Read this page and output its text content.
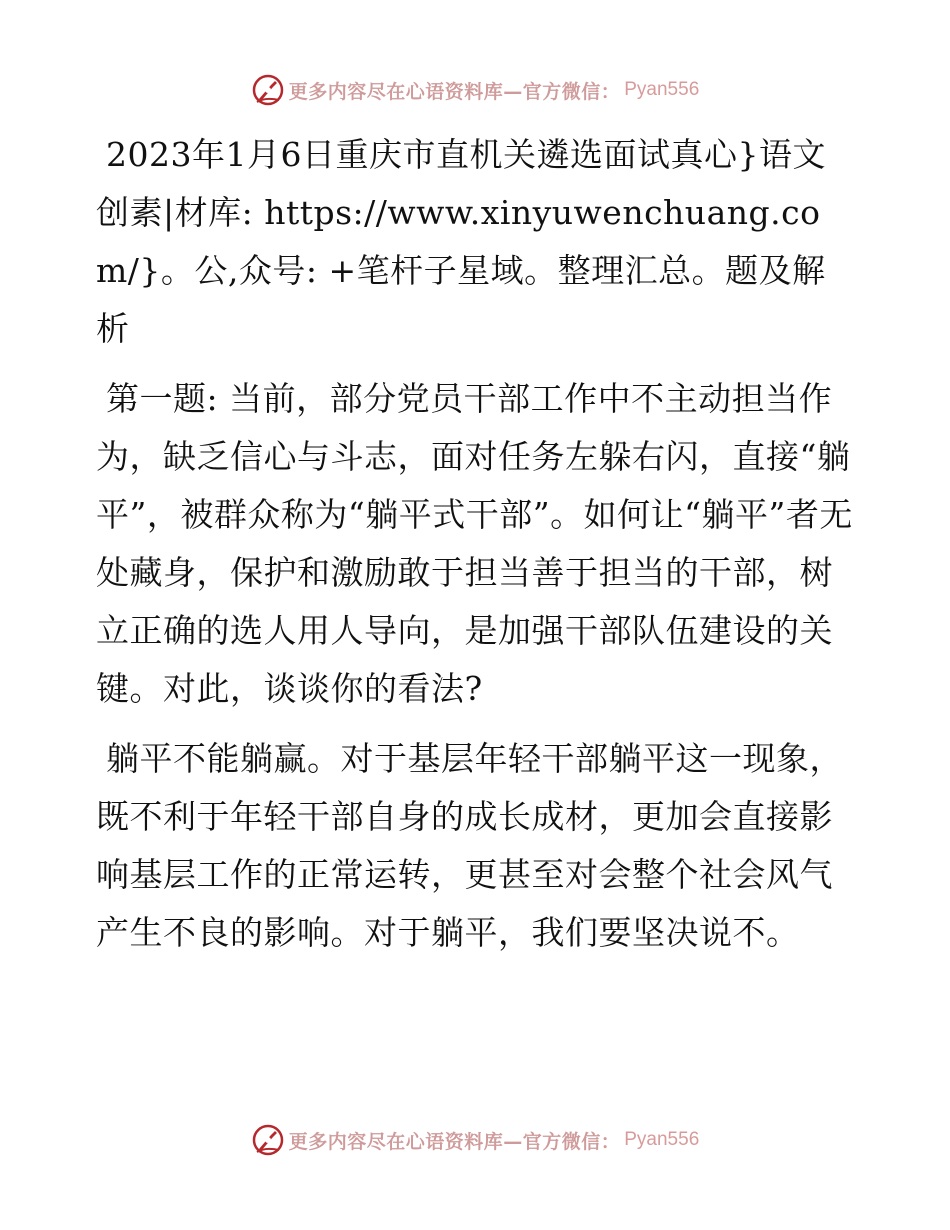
更多内容尽在心语资料库—官方微信： Pyan556

2023年1月6日重庆市直机关遴选面试真心}语文创素|材库: https://www.xinyuwenchuang.com/}。公,众号: +笔杆子星域。整理汇总。题及解析

第一题: 当前，部分党员干部工作中不主动担当作为，缺乏信心与斗志，面对任务左躲右闪，直接“躺平”，被群众称为“躺平式干部”。如何让“躺平”者无处藏身，保护和激励敢于担当善于担当的干部，树立正确的选人用人导向，是加强干部队伍建设的关键。对此，谈谈你的看法?

躺平不能躺赢。对于基层年轻干部躺平这一现象，既不利于年轻干部自身的成长成材，更加会直接影响基层工作的正常运转，更甚至对会整个社会风气产生不良的影响。对于躺平，我们要坚决说不。

更多内容尽在心语资料库—官方微信： Pyan556
